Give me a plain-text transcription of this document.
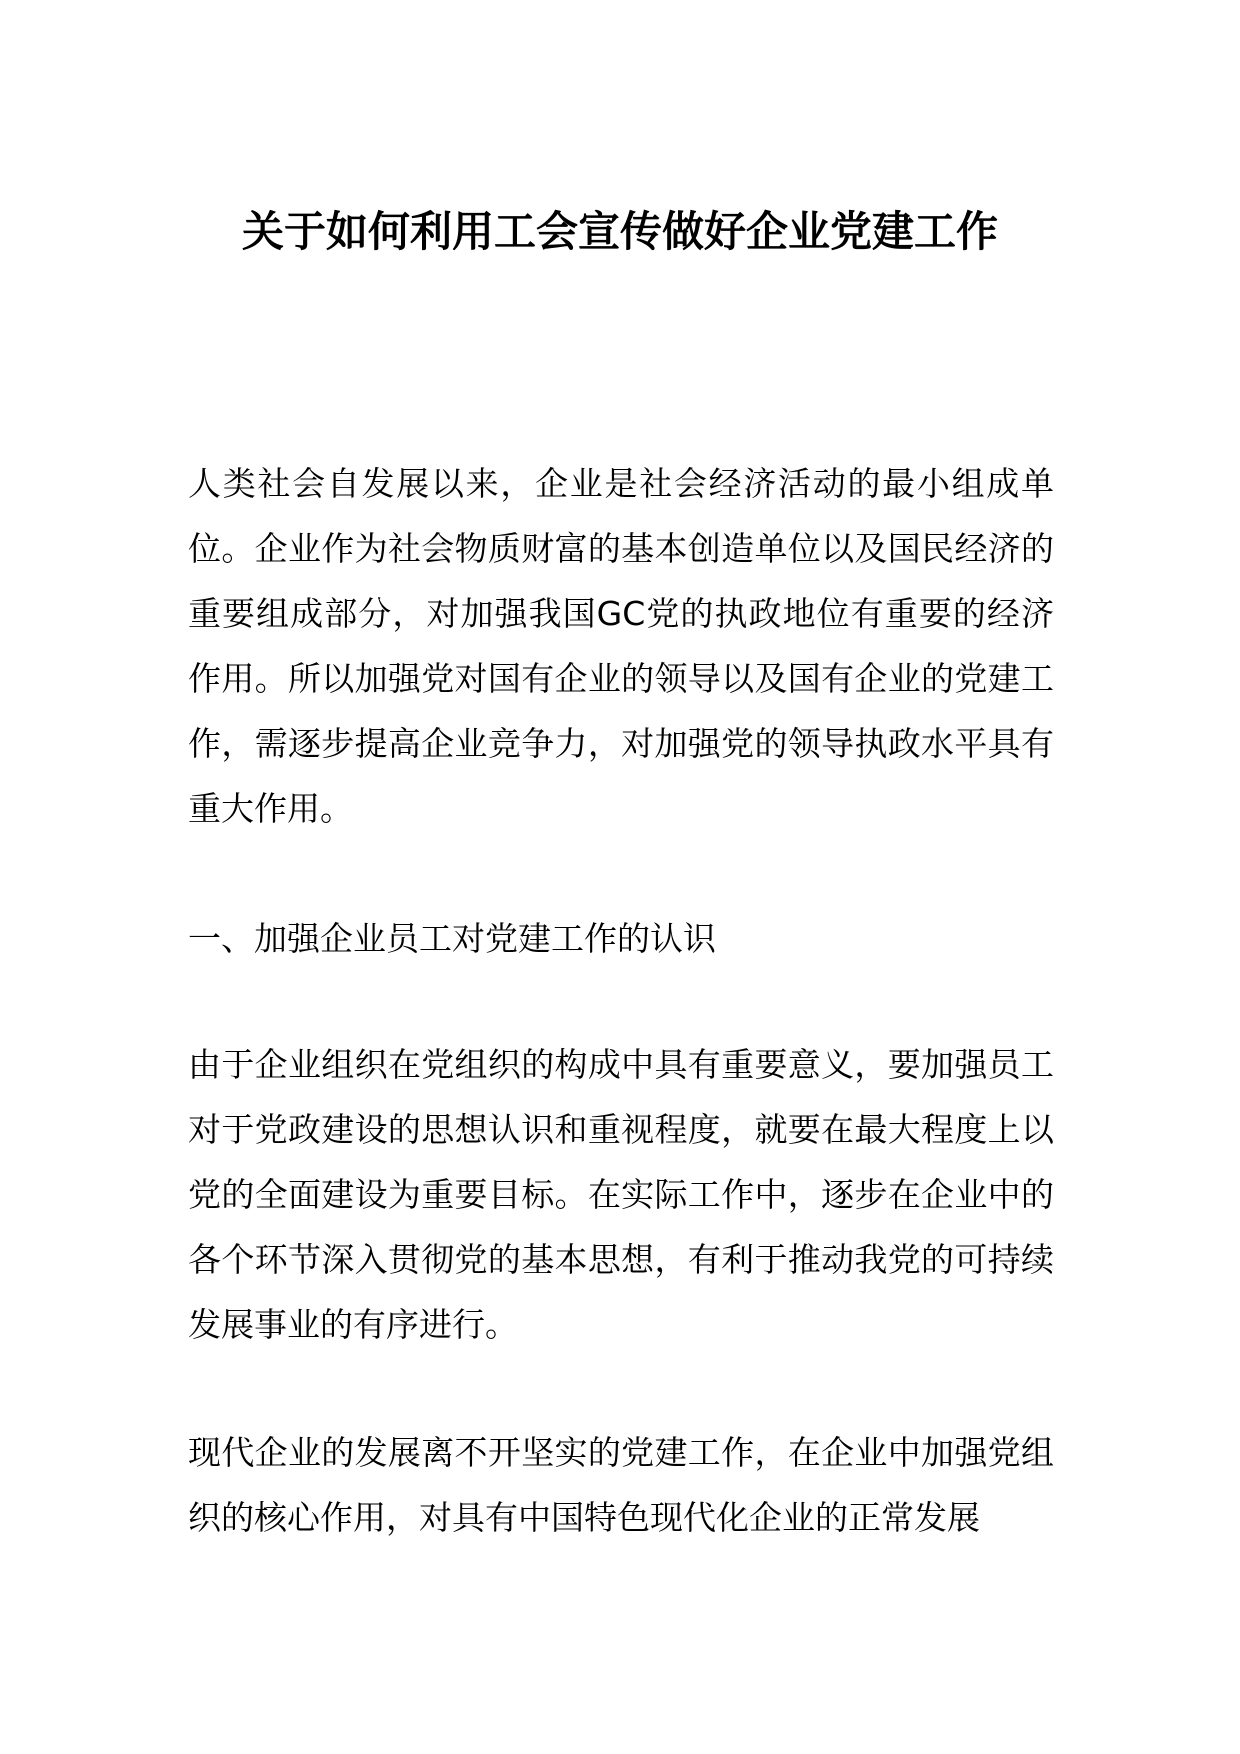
关于如何利用工会宣传做好企业党建工作

人类社会自发展以来，企业是社会经济活动的最小组成单位。企业作为社会物质财富的基本创造单位以及国民经济的重要组成部分，对加强我国GC党的执政地位有重要的经济作用。所以加强党对国有企业的领导以及国有企业的党建工作，需逐步提高企业竞争力，对加强党的领导执政水平具有重大作用。

一、加强企业员工对党建工作的认识

由于企业组织在党组织的构成中具有重要意义，要加强员工对于党政建设的思想认识和重视程度，就要在最大程度上以党的全面建设为重要目标。在实际工作中，逐步在企业中的各个环节深入贯彻党的基本思想，有利于推动我党的可持续发展事业的有序进行。

现代企业的发展离不开坚实的党建工作，在企业中加强党组织的核心作用，对具有中国特色现代化企业的正常发展
